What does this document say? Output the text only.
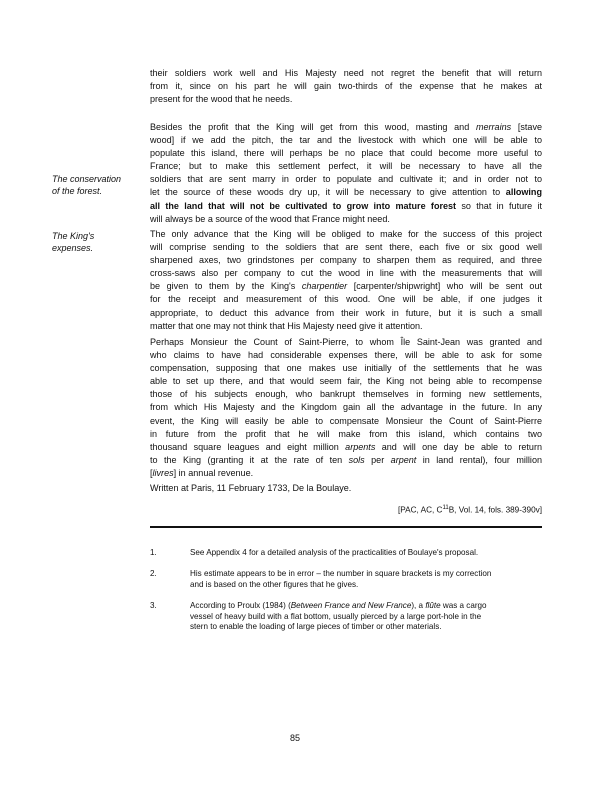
their soldiers work well and His Majesty need not regret the benefit that will return
from it, since on his part he will gain two-thirds of the expense that he makes at
present for the wood that he needs.
Besides the profit that the King will get from this wood, masting and merrains [stave
wood] if we add the pitch, the tar and the livestock with which one will be able to
populate this island, there will perhaps be no place that could become more useful to
France; but to make this settlement perfect, it will be necessary to have all the
soldiers that are sent marry in order to populate and cultivate it; and in order not to
let the source of these woods dry up, it will be necessary to give attention to allowing
all the land that will not be cultivated to grow into mature forest so that in future it
will always be a source of the wood that France might need.
The only advance that the King will be obliged to make for the success of this project
will comprise sending to the soldiers that are sent there, each five or six good well
sharpened axes, two grindstones per company to sharpen them as required, and three
cross-saws also per company to cut the wood in line with the measurements that will
be given to them by the King's charpentier [carpenter/shipwright] who will be sent out
for the receipt and measurement of this wood. One will be able, if one judges it
appropriate, to deduct this advance from their work in future, but it is such a small
matter that one may not think that His Majesty need give it attention.
Perhaps Monsieur the Count of Saint-Pierre, to whom Île Saint-Jean was granted and
who claims to have had considerable expenses there, will be able to ask for some
compensation, supposing that one makes use initially of the settlements that he was
able to set up there, and that would seem fair, the King not being able to recompense
those of his subjects enough, who bankrupt themselves in forming new settlements,
from which His Majesty and the Kingdom gain all the advantage in the future. In any
event, the King will easily be able to compensate Monsieur the Count of Saint-Pierre
in future from the profit that he will make from this island, which contains two
thousand square leagues and eight million arpents and will one day be able to return
to the King (granting it at the rate of ten sols per arpent in land rental), four million
[livres] in annual revenue.
The conservation
of the forest.
The King's
expenses.

Written at Paris, 11 February 1733, De la Boulaye.

[PAC, AC, $C^{11}B$, Vol. 14, fols. 389-390v]

1.	See Appendix 4 for a detailed analysis of the practicalities of Boulaye's proposal.
2.	His estimate appears to be in error – the number in square brackets is my correction
and is based on the other figures that he gives.
3.	According to Proulx (1984) (Between France and New France), a flûte was a cargo
vessel of heavy build with a flat bottom, usually pierced by a large port-hole in the
stern to enable the loading of large pieces of timber or other materials.
85
